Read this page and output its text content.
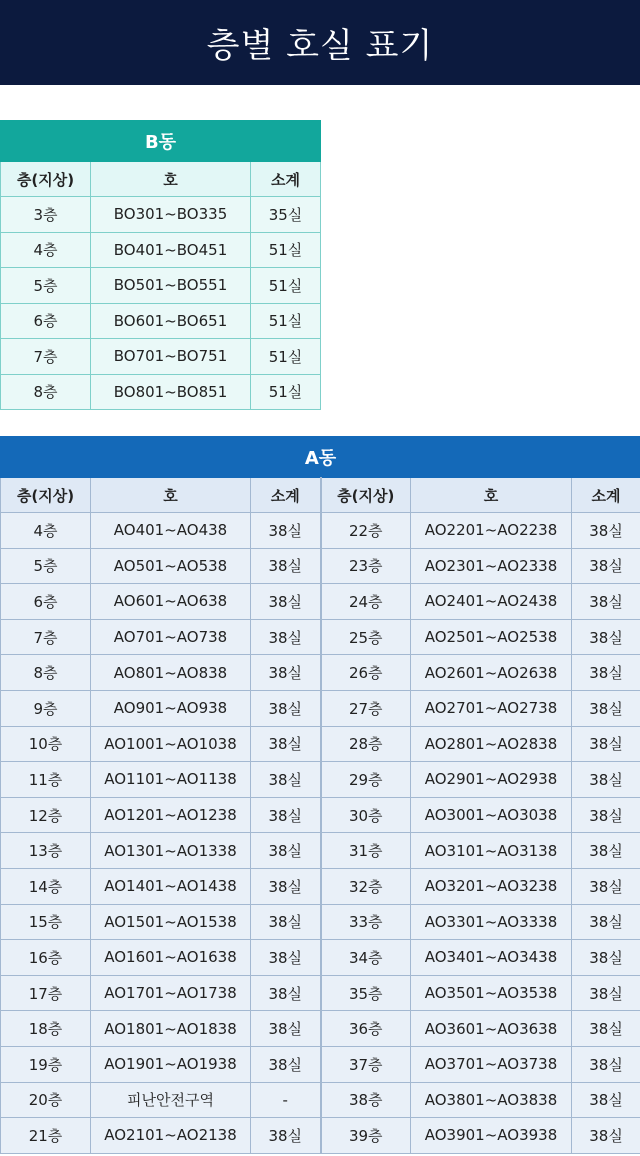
층별 호실 표기
B동		
층(지상)	호	소계
3층	BO301~BO335	35실
4층	BO401~BO451	51실
5층	BO501~BO551	51실
6층	BO601~BO651	51실
7층	BO701~BO751	51실
8층	BO801~BO851	51실
A동					
층(지상)	호	소계	층(지상)	호	소계
4층	AO401~AO438	38실	22층	AO2201~AO2238	38실
5층	AO501~AO538	38실	23층	AO2301~AO2338	38실
6층	AO601~AO638	38실	24층	AO2401~AO2438	38실
7층	AO701~AO738	38실	25층	AO2501~AO2538	38실
8층	AO801~AO838	38실	26층	AO2601~AO2638	38실
9층	AO901~AO938	38실	27층	AO2701~AO2738	38실
10층	AO1001~AO1038	38실	28층	AO2801~AO2838	38실
11층	AO1101~AO1138	38실	29층	AO2901~AO2938	38실
12층	AO1201~AO1238	38실	30층	AO3001~AO3038	38실
13층	AO1301~AO1338	38실	31층	AO3101~AO3138	38실
14층	AO1401~AO1438	38실	32층	AO3201~AO3238	38실
15층	AO1501~AO1538	38실	33층	AO3301~AO3338	38실
16층	AO1601~AO1638	38실	34층	AO3401~AO3438	38실
17층	AO1701~AO1738	38실	35층	AO3501~AO3538	38실
18층	AO1801~AO1838	38실	36층	AO3601~AO3638	38실
19층	AO1901~AO1938	38실	37층	AO3701~AO3738	38실
20층	피난안전구역	-	38층	AO3801~AO3838	38실
21층	AO2101~AO2138	38실	39층	AO3901~AO3938	38실
